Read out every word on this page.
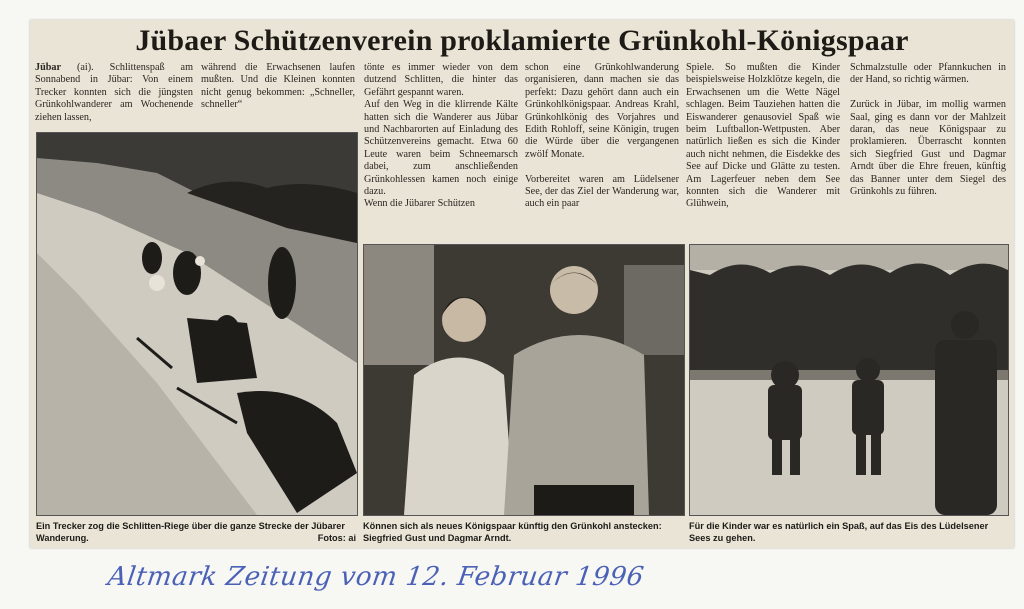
Jübaer Schützenverein proklamierte Grünkohl-Königspaar
Jübar (ai). Schlittenspaß am Sonnabend in Jübar: Von einem Trecker konnten sich die jüngsten Grünkohlwanderer am Wochenende ziehen lassen,
während die Erwachsenen laufen mußten. Und die Kleinen konnten nicht genug bekommen: „Schneller, schneller“
tönte es immer wieder von dem dutzend Schlitten, die hinter das Gefährt gespannt waren.
Auf den Weg in die klirrende Kälte hatten sich die Wanderer aus Jübar und Nachbarorten auf Einladung des Schützenvereins gemacht. Etwa 60 Leute waren beim Schneemarsch dabei, zum anschließenden Grünkohlessen kamen noch einige dazu.
Wenn die Jübarer Schützen
schon eine Grünkohlwanderung organisieren, dann machen sie das perfekt: Dazu gehört dann auch ein Grünkohlkönigspaar. Andreas Krahl, Grünkohlkönig des Vorjahres und Edith Rohloff, seine Königin, trugen die Würde über die vergangenen zwölf Monate.

Vorbereitet waren am Lüdelsener See, der das Ziel der Wanderung war, auch ein paar
Spiele. So mußten die Kinder beispielsweise Holzklötze kegeln, die Erwachsenen um die Wette Nägel schlagen. Beim Tauziehen hatten die Eiswanderer genausoviel Spaß wie beim Luftballon-Wettpusten. Aber natürlich ließen es sich die Kinder auch nicht nehmen, die Eisdekke des See auf Dicke und Glätte zu testen. Am Lagerfeuer neben dem See konnten sich die Wanderer mit Glühwein,
Schmalzstulle oder Pfannkuchen in der Hand, so richtig wärmen.

Zurück in Jübar, im mollig warmen Saal, ging es dann vor der Mahlzeit daran, das neue Königspaar zu proklamieren. Überrascht konnten sich Siegfried Gust und Dagmar Arndt über die Ehre freuen, künftig das Banner unter dem Siegel des Grünkohls zu führen.
Ein Trecker zog die Schlitten-Riege über die ganze Strecke der Jübarer Wanderung.	Fotos: ai
Können sich als neues Königspaar künftig den Grünkohl anstecken: Siegfried Gust und Dagmar Arndt.
Für die Kinder war es natürlich ein Spaß, auf das Eis des Lüdelsener Sees zu gehen.
Altmark Zeitung vom 12. Februar 1996
